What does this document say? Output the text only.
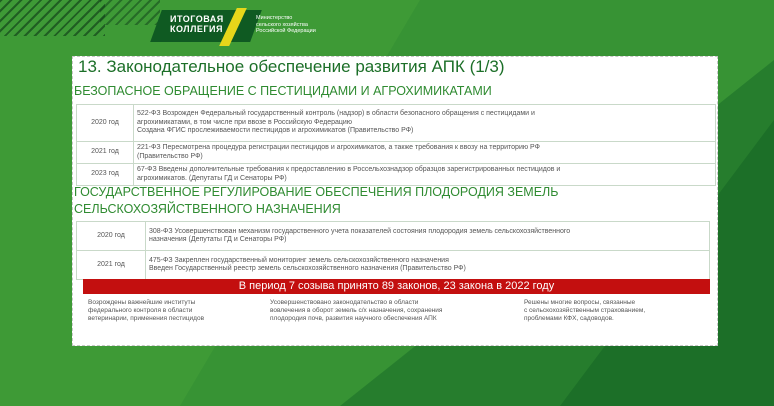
ИТОГОВАЯ
КОЛЛЕГИЯ
Министерство
сельского хозяйства
Российской Федерации
13. Законодательное обеспечение развития АПК (1/3)
БЕЗОПАСНОЕ ОБРАЩЕНИЕ С ПЕСТИЦИДАМИ И АГРОХИМИКАТАМИ
2020 год	522-ФЗ Возрожден Федеральный государственный контроль (надзор) в области безопасного обращения с пестицидами и
агрохимикатами, в том числе при ввозе в Российскую Федерацию
Создана ФГИС прослеживаемости пестицидов и агрохимикатов (Правительство РФ)

2021 год	221-ФЗ Пересмотрена процедура регистрации пестицидов и агрохимикатов, а также требования к ввозу на территорию РФ
(Правительство РФ)

2023 год	67-ФЗ Введены дополнительные требования к предоставлению в Россельхознадзор образцов зарегистрированных пестицидов и
агрохимикатов. (Депутаты ГД и Сенаторы РФ)
ГОСУДАРСТВЕННОЕ РЕГУЛИРОВАНИЕ ОБЕСПЕЧЕНИЯ ПЛОДОРОДИЯ ЗЕМЕЛЬ
СЕЛЬСКОХОЗЯЙСТВЕННОГО НАЗНАЧЕНИЯ
2020 год	308-ФЗ Усовершенствован механизм государственного учета показателей состояния плодородия земель сельскохозяйственного
назначения (Депутаты ГД и Сенаторы РФ)

2021 год	475-ФЗ Закреплен государственный мониторинг земель сельскохозяйственного назначения
Введен Государственный реестр земель сельскохозяйственного назначения (Правительство РФ)
В период 7 созыва принято 89 законов, 23 закона в 2022 году
Возрождены важнейшие институты
федерального контроля в области
ветеринарии, применения пестицидов
Усовершенствовано законодательство в области
вовлечения в оборот земель с/х назначения, сохранения
плодородия почв, развития научного обеспечения АПК
Решены многие вопросы, связанные
с сельскохозяйственным страхованием,
проблемами КФХ, садоводов.
